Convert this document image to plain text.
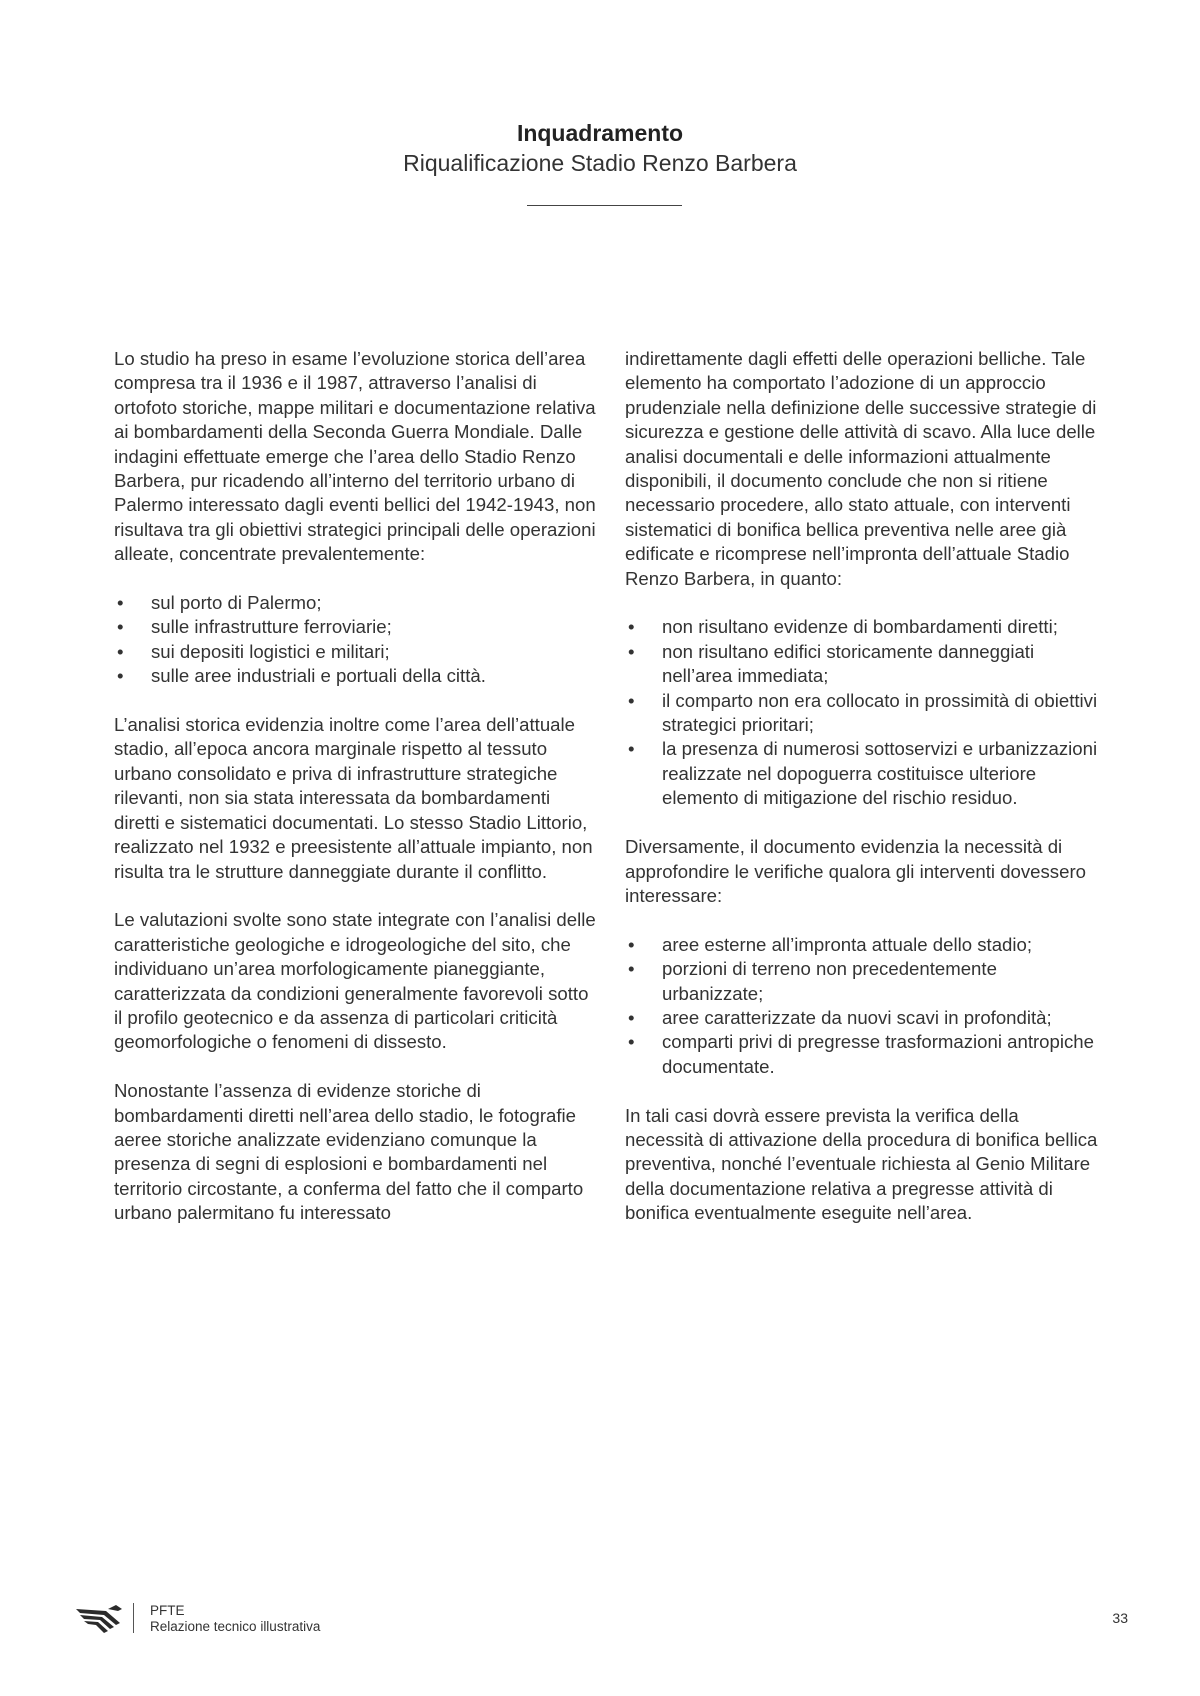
Inquadramento
Riqualificazione Stadio Renzo Barbera

Lo studio ha preso in esame l’evoluzione storica dell’area compresa tra il 1936 e il 1987, attraverso l’analisi di ortofoto storiche, mappe militari e documentazione relativa ai bombardamenti della Seconda Guerra Mondiale. Dalle indagini effettuate emerge che l’area dello Stadio Renzo Barbera, pur ricadendo all’interno del territorio urbano di Palermo interessato dagli eventi bellici del 1942-1943, non risultava tra gli obiettivi strategici principali delle operazioni alleate, concentrate prevalentemente:

• sul porto di Palermo;
• sulle infrastrutture ferroviarie;
• sui depositi logistici e militari;
• sulle aree industriali e portuali della città.

L’analisi storica evidenzia inoltre come l’area dell’attuale stadio, all’epoca ancora marginale rispetto al tessuto urbano consolidato e priva di infrastrutture strategiche rilevanti, non sia stata interessata da bombardamenti diretti e sistematici documentati. Lo stesso Stadio Littorio, realizzato nel 1932 e preesistente all’attuale impianto, non risulta tra le strutture danneggiate durante il conflitto.

Le valutazioni svolte sono state integrate con l’analisi delle caratteristiche geologiche e idrogeologiche del sito, che individuano un’area morfologicamente pianeggiante, caratterizzata da condizioni generalmente favorevoli sotto il profilo geotecnico e da assenza di particolari criticità geomorfologiche o fenomeni di dissesto.

Nonostante l’assenza di evidenze storiche di bombardamenti diretti nell’area dello stadio, le fotografie aeree storiche analizzate evidenziano comunque la presenza di segni di esplosioni e bombardamenti nel territorio circostante, a conferma del fatto che il comparto urbano palermitano fu interessato

indirettamente dagli effetti delle operazioni belliche. Tale elemento ha comportato l’adozione di un approccio prudenziale nella definizione delle successive strategie di sicurezza e gestione delle attività di scavo. Alla luce delle analisi documentali e delle informazioni attualmente disponibili, il documento conclude che non si ritiene necessario procedere, allo stato attuale, con interventi sistematici di bonifica bellica preventiva nelle aree già edificate e ricomprese nell’impronta dell’attuale Stadio Renzo Barbera, in quanto:

• non risultano evidenze di bombardamenti diretti;
• non risultano edifici storicamente danneggiati nell’area immediata;
• il comparto non era collocato in prossimità di obiettivi strategici prioritari;
• la presenza di numerosi sottoservizi e urbanizzazioni realizzate nel dopoguerra costituisce ulteriore elemento di mitigazione del rischio residuo.

Diversamente, il documento evidenzia la necessità di approfondire le verifiche qualora gli interventi dovessero interessare:

• aree esterne all’impronta attuale dello stadio;
• porzioni di terreno non precedentemente urbanizzate;
• aree caratterizzate da nuovi scavi in profondità;
• comparti privi di pregresse trasformazioni antropiche documentate.

In tali casi dovrà essere prevista la verifica della necessità di attivazione della procedura di bonifica bellica preventiva, nonché l’eventuale richiesta al Genio Militare della documentazione relativa a pregresse attività di bonifica eventualmente eseguite nell’area.

PFTE
Relazione tecnico illustrativa
33
